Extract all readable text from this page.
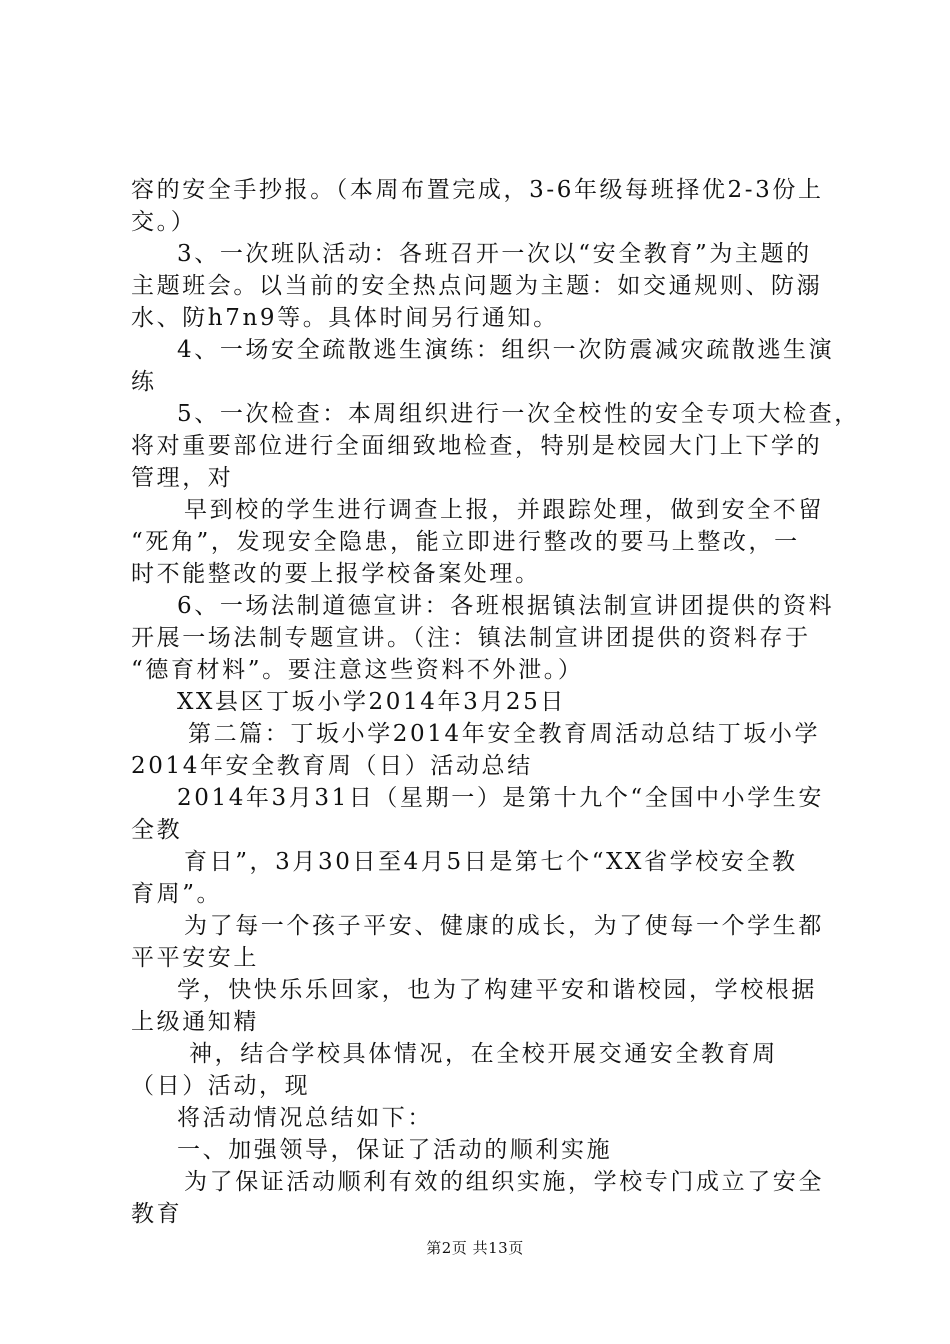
容的安全手抄报。（本周布置完成，3-6年级每班择优2-3份上
交。）
3、一次班队活动：各班召开一次以“安全教育”为主题的
主题班会。以当前的安全热点问题为主题：如交通规则、防溺
水、防h7n9等。具体时间另行通知。
4、一场安全疏散逃生演练：组织一次防震减灾疏散逃生演
练
5、一次检查：本周组织进行一次全校性的安全专项大检查，
将对重要部位进行全面细致地检查，特别是校园大门上下学的
管理，对
早到校的学生进行调查上报，并跟踪处理，做到安全不留
“死角”，发现安全隐患，能立即进行整改的要马上整改，一
时不能整改的要上报学校备案处理。
6、一场法制道德宣讲：各班根据镇法制宣讲团提供的资料
开展一场法制专题宣讲。（注：镇法制宣讲团提供的资料存于
“德育材料”。要注意这些资料不外泄。）
XX县区丁坂小学2014年3月25日
第二篇：丁坂小学2014年安全教育周活动总结丁坂小学
2014年安全教育周（日）活动总结
2014年3月31日（星期一）是第十九个“全国中小学生安
全教
育日”，3月30日至4月5日是第七个“XX省学校安全教
育周”。
为了每一个孩子平安、健康的成长，为了使每一个学生都
平平安安上
学，快快乐乐回家，也为了构建平安和谐校园，学校根据
上级通知精
神，结合学校具体情况，在全校开展交通安全教育周
（日）活动，现
将活动情况总结如下：
一、加强领导，保证了活动的顺利实施
为了保证活动顺利有效的组织实施，学校专门成立了安全
教育
第2页 共13页
